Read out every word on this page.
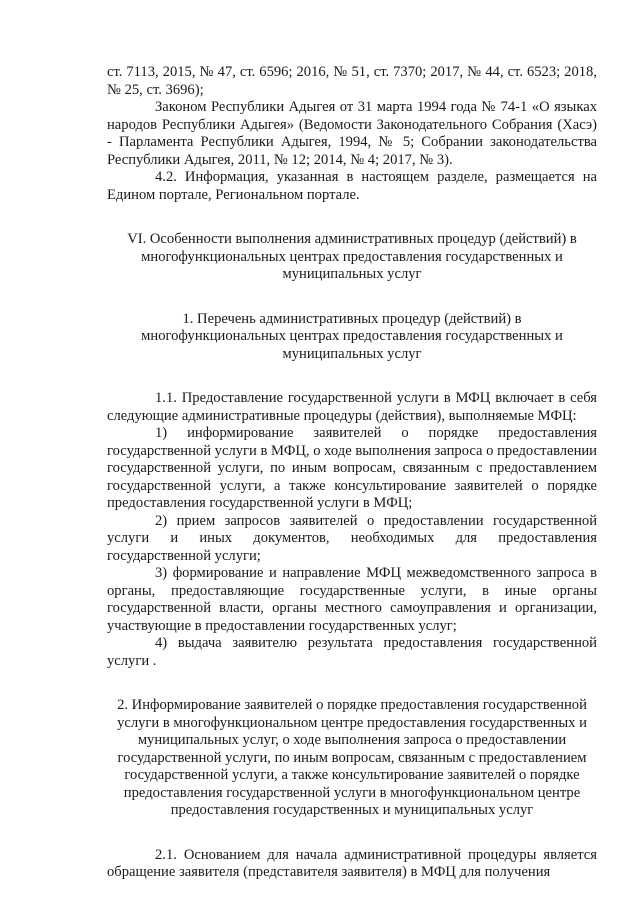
ст. 7113, 2015, № 47, ст. 6596; 2016, № 51, ст. 7370; 2017, № 44, ст. 6523; 2018, № 25, ст. 3696);

Законом Республики Адыгея от 31 марта 1994 года № 74-1 «О языках народов Республики Адыгея» (Ведомости Законодательного Собрания (Хасэ) - Парламента Республики Адыгея, 1994, № 5; Собрании законодательства Республики Адыгея, 2011, № 12; 2014, № 4; 2017, № 3).

4.2. Информация, указанная в настоящем разделе, размещается на Едином портале, Региональном портале.

VI. Особенности выполнения административных процедур (действий) в многофункциональных центрах предоставления государственных и муниципальных услуг

1. Перечень административных процедур (действий) в многофункциональных центрах предоставления государственных и муниципальных услуг

1.1. Предоставление государственной услуги в МФЦ включает в себя следующие административные процедуры (действия), выполняемые МФЦ:

1) информирование заявителей о порядке предоставления государственной услуги в МФЦ, о ходе выполнения запроса о предоставлении государственной услуги, по иным вопросам, связанным с предоставлением государственной услуги, а также консультирование заявителей о порядке предоставления государственной услуги в МФЦ;

2) прием запросов заявителей о предоставлении государственной услуги и иных документов, необходимых для предоставления государственной услуги;

3) формирование и направление МФЦ межведомственного запроса в органы, предоставляющие государственные услуги, в иные органы государственной власти, органы местного самоуправления и организации, участвующие в предоставлении государственных услуг;

4) выдача заявителю результата предоставления государственной услуги .

2. Информирование заявителей о порядке предоставления государственной услуги в многофункциональном центре предоставления государственных и муниципальных услуг, о ходе выполнения запроса о предоставлении государственной услуги, по иным вопросам, связанным с предоставлением государственной услуги, а также консультирование заявителей о порядке предоставления государственной услуги в многофункциональном центре предоставления государственных и муниципальных услуг

2.1. Основанием для начала административной процедуры является обращение заявителя (представителя заявителя) в МФЦ для получения
